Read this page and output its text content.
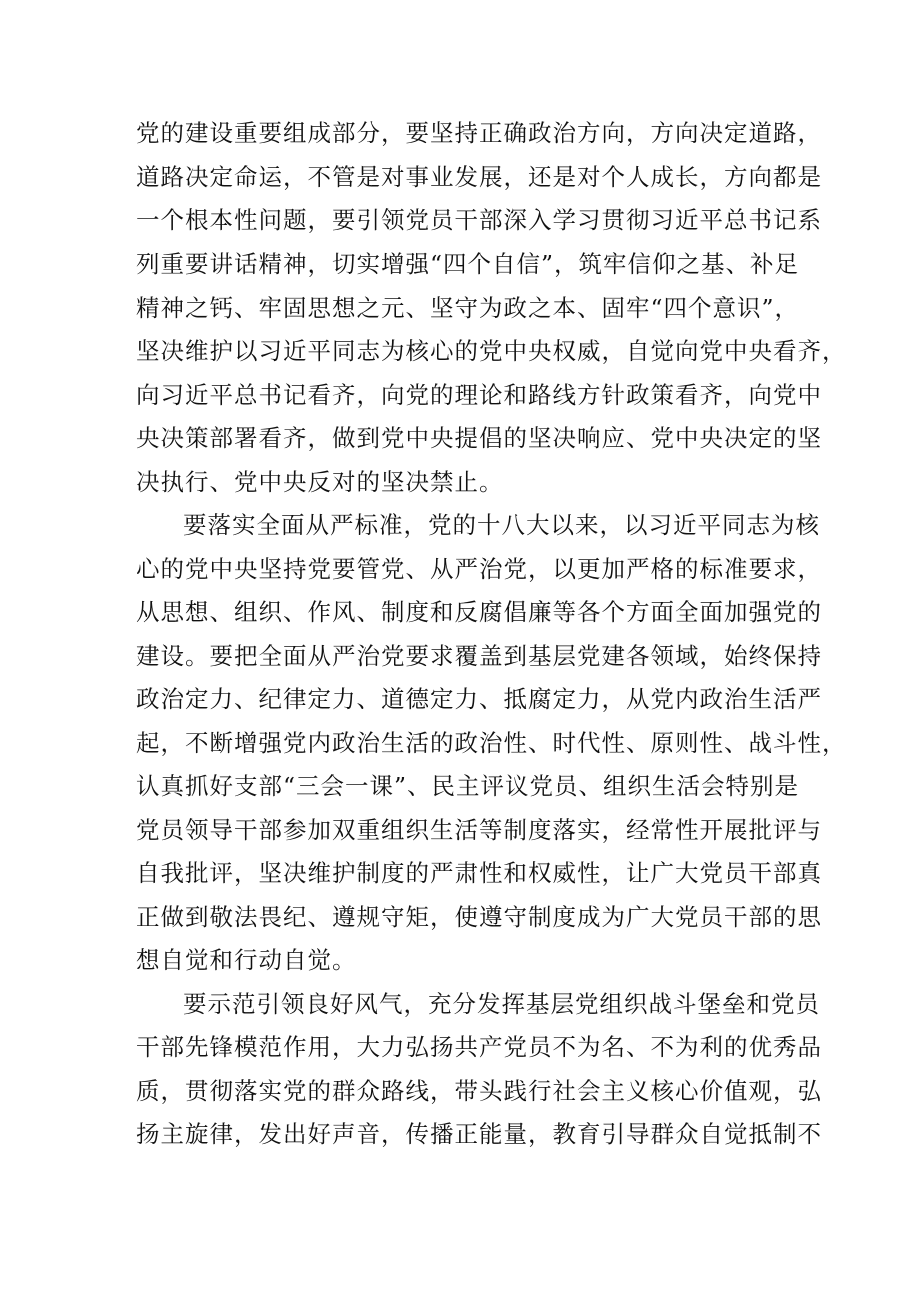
党的建设重要组成部分，要坚持正确政治方向，方向决定道路，
道路决定命运，不管是对事业发展，还是对个人成长，方向都是
一个根本性问题，要引领党员干部深入学习贯彻习近平总书记系
列重要讲话精神，切实增强“四个自信”，筑牢信仰之基、补足
精神之钙、牢固思想之元、坚守为政之本、固牢“四个意识”，
坚决维护以习近平同志为核心的党中央权威，自觉向党中央看齐，
向习近平总书记看齐，向党的理论和路线方针政策看齐，向党中
央决策部署看齐，做到党中央提倡的坚决响应、党中央决定的坚
决执行、党中央反对的坚决禁止。
要落实全面从严标准，党的十八大以来，以习近平同志为核
心的党中央坚持党要管党、从严治党，以更加严格的标准要求，
从思想、组织、作风、制度和反腐倡廉等各个方面全面加强党的
建设。要把全面从严治党要求覆盖到基层党建各领域，始终保持
政治定力、纪律定力、道德定力、抵腐定力，从党内政治生活严
起，不断增强党内政治生活的政治性、时代性、原则性、战斗性，
认真抓好支部“三会一课”、民主评议党员、组织生活会特别是
党员领导干部参加双重组织生活等制度落实，经常性开展批评与
自我批评，坚决维护制度的严肃性和权威性，让广大党员干部真
正做到敬法畏纪、遵规守矩，使遵守制度成为广大党员干部的思
想自觉和行动自觉。
要示范引领良好风气，充分发挥基层党组织战斗堡垒和党员
干部先锋模范作用，大力弘扬共产党员不为名、不为利的优秀品
质，贯彻落实党的群众路线，带头践行社会主义核心价值观，弘
扬主旋律，发出好声音，传播正能量，教育引导群众自觉抵制不
